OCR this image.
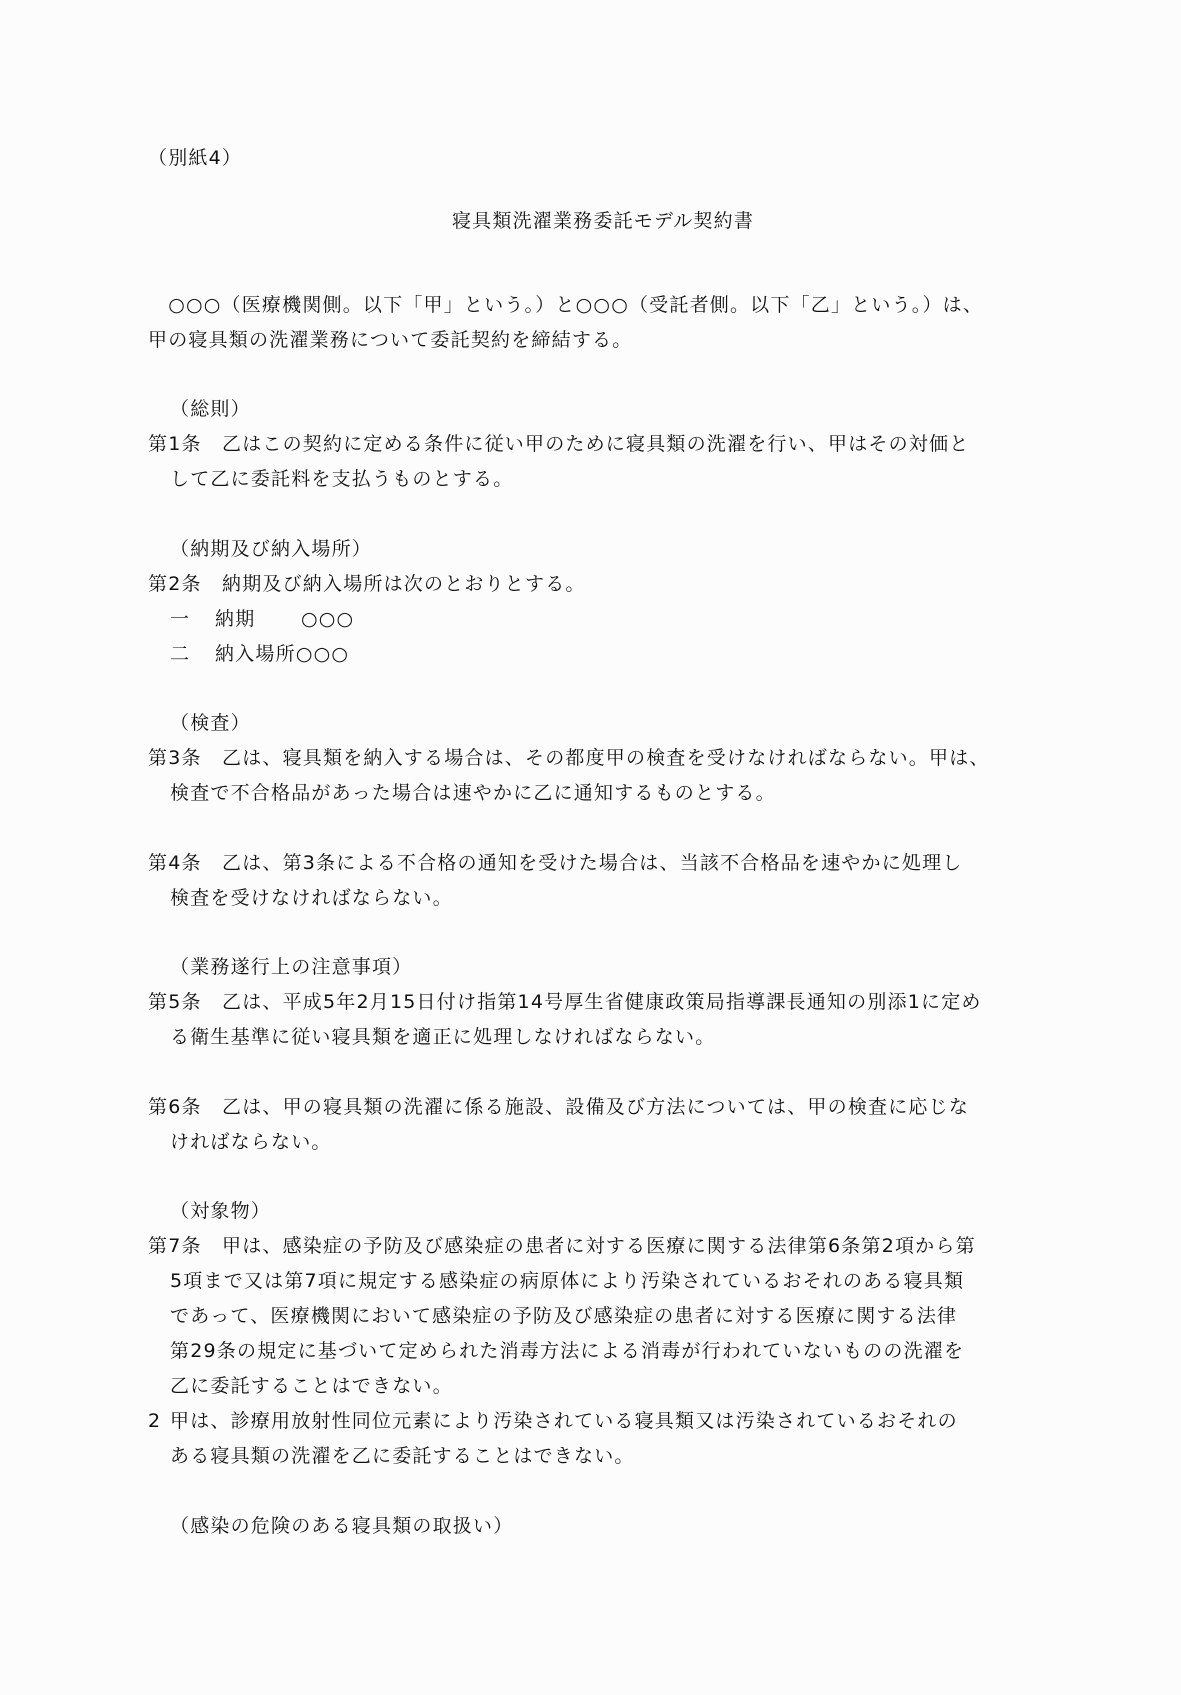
（別紙4）
寝具類洗濯業務委託モデル契約書
　○○○（医療機関側。以下「甲」という。）と○○○（受託者側。以下「乙」という。）は、
甲の寝具類の洗濯業務について委託契約を締結する。
（総則）
第1条 乙はこの契約に定める条件に従い甲のために寝具類の洗濯を行い、甲はその対価と
して乙に委託料を支払うものとする。
（納期及び納入場所）
第2条 納期及び納入場所は次のとおりとする。
一 納期 ○○○
二 納入場所○○○
（検査）
第3条 乙は、寝具類を納入する場合は、その都度甲の検査を受けなければならない。甲は、
検査で不合格品があった場合は速やかに乙に通知するものとする。
第4条 乙は、第3条による不合格の通知を受けた場合は、当該不合格品を速やかに処理し
検査を受けなければならない。
（業務遂行上の注意事項）
第5条 乙は、平成5年2月15日付け指第14号厚生省健康政策局指導課長通知の別添1に定め
る衛生基準に従い寝具類を適正に処理しなければならない。
第6条 乙は、甲の寝具類の洗濯に係る施設、設備及び方法については、甲の検査に応じな
ければならない。
（対象物）
第7条 甲は、感染症の予防及び感染症の患者に対する医療に関する法律第6条第2項から第
5項まで又は第7項に規定する感染症の病原体により汚染されているおそれのある寝具類
であって、医療機関において感染症の予防及び感染症の患者に対する医療に関する法律
第29条の規定に基づいて定められた消毒方法による消毒が行われていないものの洗濯を
乙に委託することはできない。
2 甲は、診療用放射性同位元素により汚染されている寝具類又は汚染されているおそれの
ある寝具類の洗濯を乙に委託することはできない。
（感染の危険のある寝具類の取扱い）
